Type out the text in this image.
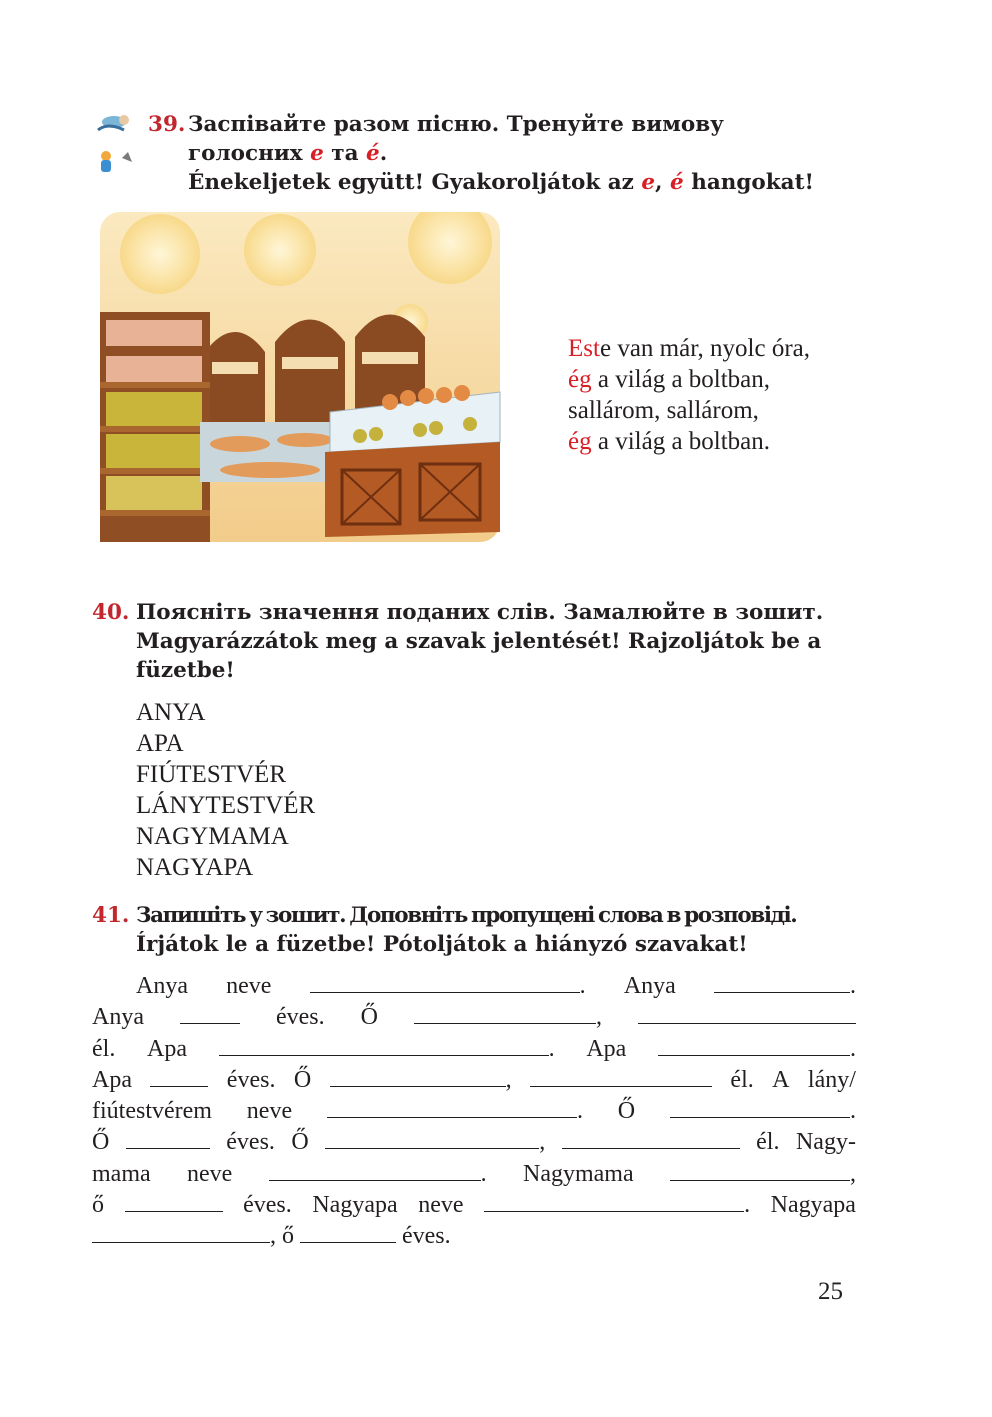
39. Заспівайте разом пісню. Тренуйте вимову
голосних е та é.
Énekeljetek együtt! Gyakoroljátok az e, é hangokat!
Este van már, nyolc óra,
ég a világ a boltban,
sallárom, sallárom,
ég a világ a boltban.
40. Поясніть значення поданих слів. Замалюйте в зошит.
Magyarázzátok meg a szavak jelentését! Rajzoljátok be a
füzetbe!
ANYA
APA
FIÚTESTVÉR
LÁNYTESTVÉR
NAGYMAMA
NAGYAPA
41. Запишіть у зошит. Доповніть пропущені слова в розповіді.
Írjátok le a füzetbe! Pótoljátok a hiányzó szavakat!
Anya neve	. Anya	.
Anya	éves. Ő	,
él. Apa	. Apa	.
Apa	éves. Ő	,	él. A lány/
fiútestvérem neve	. Ő	.
Ő	éves. Ő	,	él. Nagy-
mama neve	. Nagymama	,
ő	éves. Nagyapa neve	. Nagyapa
, ő	éves.
25
